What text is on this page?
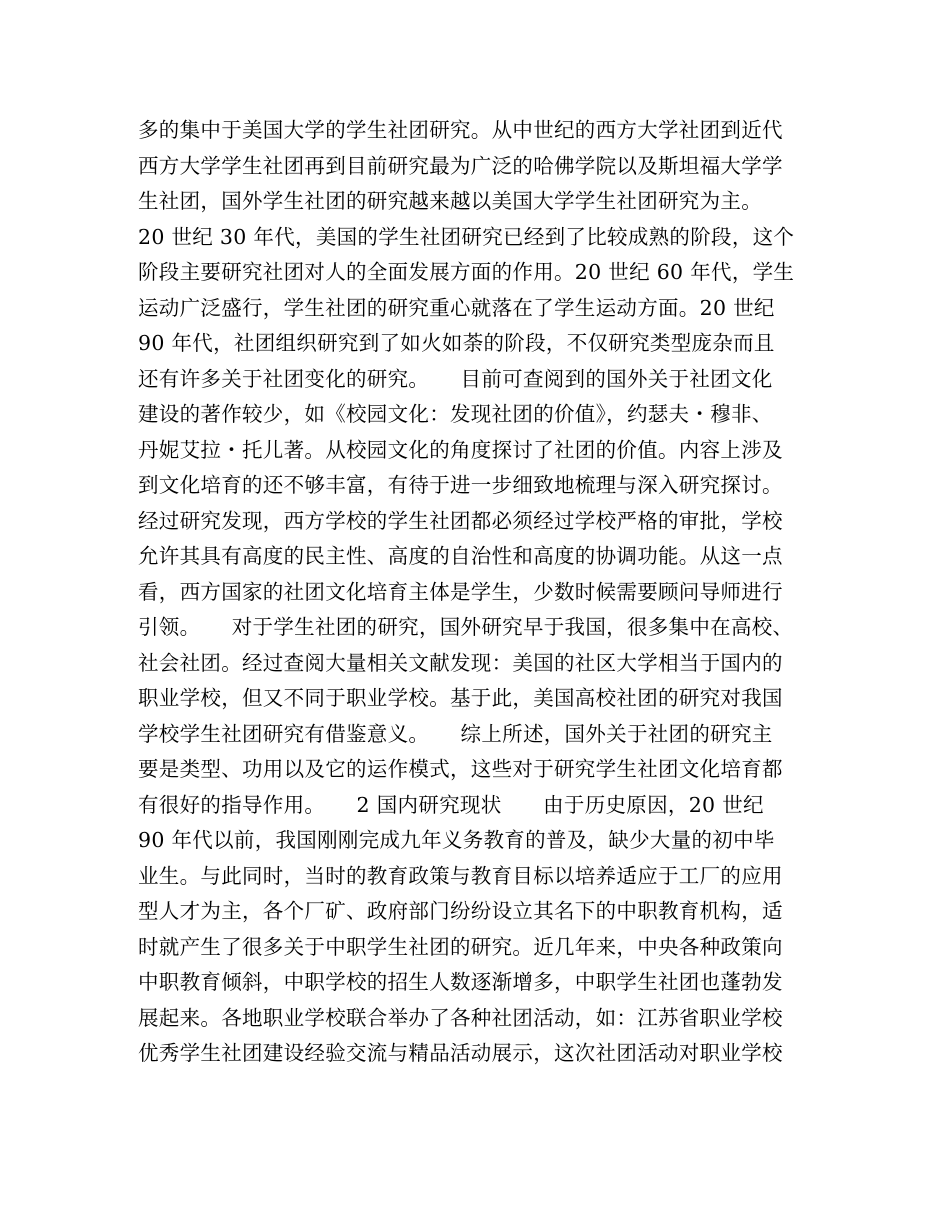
多的集中于美国大学的学生社团研究。从中世纪的西方大学社团到近代
西方大学学生社团再到目前研究最为广泛的哈佛学院以及斯坦福大学学
生社团，国外学生社团的研究越来越以美国大学学生社团研究为主。
20 世纪 30 年代，美国的学生社团研究已经到了比较成熟的阶段，这个
阶段主要研究社团对人的全面发展方面的作用。20 世纪 60 年代，学生
运动广泛盛行，学生社团的研究重心就落在了学生运动方面。20 世纪
90 年代，社团组织研究到了如火如荼的阶段，不仅研究类型庞杂而且
还有许多关于社团变化的研究。　　目前可查阅到的国外关于社团文化
建设的著作较少，如《校园文化：发现社团的价值》，约瑟夫・穆非、
丹妮艾拉・托儿著。从校园文化的角度探讨了社团的价值。内容上涉及
到文化培育的还不够丰富，有待于进一步细致地梳理与深入研究探讨。
经过研究发现，西方学校的学生社团都必须经过学校严格的审批，学校
允许其具有高度的民主性、高度的自治性和高度的协调功能。从这一点
看，西方国家的社团文化培育主体是学生，少数时候需要顾问导师进行
引领。　　对于学生社团的研究，国外研究早于我国，很多集中在高校、
社会社团。经过查阅大量相关文献发现：美国的社区大学相当于国内的
职业学校，但又不同于职业学校。基于此，美国高校社团的研究对我国
学校学生社团研究有借鉴意义。　　综上所述，国外关于社团的研究主
要是类型、功用以及它的运作模式，这些对于研究学生社团文化培育都
有很好的指导作用。　　2 国内研究现状　　由于历史原因，20 世纪
90 年代以前，我国刚刚完成九年义务教育的普及，缺少大量的初中毕
业生。与此同时，当时的教育政策与教育目标以培养适应于工厂的应用
型人才为主，各个厂矿、政府部门纷纷设立其名下的中职教育机构，适
时就产生了很多关于中职学生社团的研究。近几年来，中央各种政策向
中职教育倾斜，中职学校的招生人数逐渐增多，中职学生社团也蓬勃发
展起来。各地职业学校联合举办了各种社团活动，如：江苏省职业学校
优秀学生社团建设经验交流与精品活动展示，这次社团活动对职业学校
